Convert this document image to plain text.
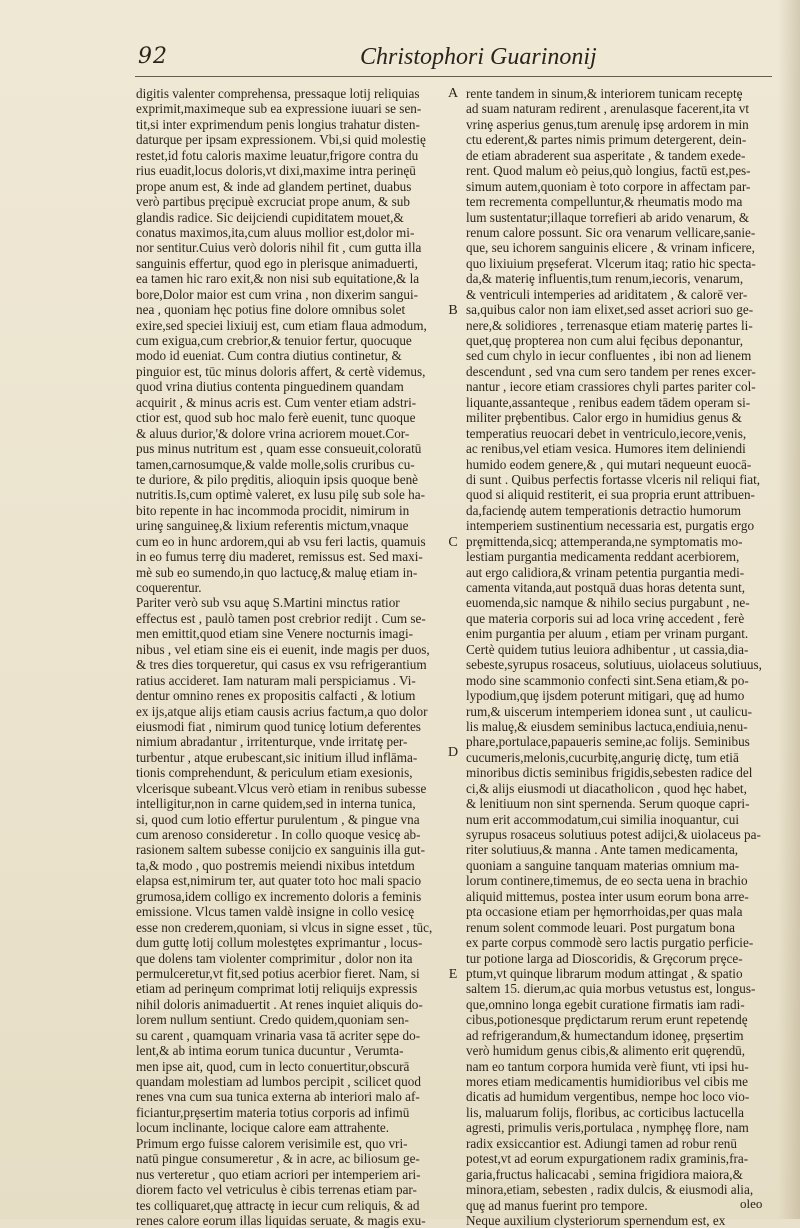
92	Christophori Guarinonij
digitis valenter comprehensa, pressaque lotij reliquias
exprimit,maximeque sub ea expressione iuuari se sen-
tit,si inter exprimendum penis longius trahatur disten-
daturque per ipsam expressionem. Vbi,si quid molestię
restet,id fotu caloris maxime leuatur,frigore contra du
rius euadit,locus doloris,vt dixi,maxime intra perinęū
prope anum est, & inde ad glandem pertinet, duabus
verò partibus pręcipuè excruciat prope anum, & sub
glandis radice. Sic deijciendi cupiditatem mouet,&
conatus maximos,ita,cum aluus mollior est,dolor mi-
nor sentitur.Cuius verò doloris nihil fit , cum gutta illa
sanguinis effertur, quod ego in plerisque animaduerti,
ea tamen hic raro exit,& non nisi sub equitatione,& la
bore,Dolor maior est cum vrina , non dixerim sangui-
nea , quoniam hęc potius fine dolore omnibus solet
exire,sed speciei lixiuij est, cum etiam flaua admodum,
cum exigua,cum crebrior,& tenuior fertur, quocuque
modo id eueniat. Cum contra diutius continetur, &
pinguior est, tūc minus doloris affert, & certè videmus,
quod vrina diutius contenta pinguedinem quandam
acquirit , & minus acris est. Cum venter etiam adstri-
ctior est, quod sub hoc malo ferè euenit, tunc quoque
& aluus durior,'& dolore vrina acriorem mouet.Cor-
pus minus nutritum est , quam esse consueuit,coloratū
tamen,carnosumque,& valde molle,solis cruribus cu-
te duriore, & pilo prȩditis, alioquin ipsis quoque benè
nutritis.Is,cum optimè valeret, ex lusu pilȩ sub sole ha-
bito repente in hac incommoda procidit, nimirum in
urinȩ sanguineȩ,& lixium referentis mictum,vnaque
cum eo in hunc ardorem,qui ab vsu feri lactis, quamuis
in eo fumus terrȩ diu maderet, remissus est. Sed maxi-
mè sub eo sumendo,in quo lactucȩ,& maluȩ etiam in-
coquerentur.
Pariter verò sub vsu aquȩ S.Martini minctus ratior
effectus est , paulò tamen post crebrior redijt . Cum se-
men emittit,quod etiam sine Venere nocturnis imagi-
nibus , vel etiam sine eis ei euenit, inde magis per duos,
& tres dies torqueretur, qui casus ex vsu refrigerantium
ratius accideret. Iam naturam mali perspiciamus . Vi-
dentur omnino renes ex propositis calfacti , & lotium
ex ijs,atque alijs etiam causis acrius factum,a quo dolor
eiusmodi fiat , nimirum quod tunicȩ lotium deferentes
nimium abradantur , irritenturque, vnde irritatȩ per-
turbentur , atque erubescant,sic initium illud inflāma-
tionis comprehendunt, & periculum etiam exesionis,
vlcerisque subeant.Vlcus verò etiam in renibus subesse
intelligitur,non in carne quidem,sed in interna tunica,
si, quod cum lotio effertur purulentum , & pingue vna
cum arenoso consideretur . In collo quoque vesicȩ ab-
rasionem saltem subesse conijcio ex sanguinis illa gut-
ta,& modo , quo postremis meiendi nixibus intetdum
elapsa est,nimirum ter, aut quater toto hoc mali spacio
grumosa,idem colligo ex incremento doloris a feminis
emissione. Vlcus tamen valdè insigne in collo vesicę
esse non crederem,quoniam, si vlcus in signe esset , tūc,
dum guttȩ lotij collum molestȩtes exprimantur , locus-
que dolens tam violenter comprimitur , dolor non ita
permulceretur,vt fit,sed potius acerbior fieret. Nam, si
etiam ad perinȩum comprimat lotij reliquijs expressis
nihil doloris animaduertit . At renes inquiet aliquis do-
lorem nullum sentiunt. Credo quidem,quoniam sen-
su carent , quamquam vrinaria vasa tā acriter sȩpe do-
lent,& ab intima eorum tunica ducuntur , Verumta-
men ipse ait, quod, cum in lecto conuertitur,obscurā
quandam molestiam ad lumbos percipit , scilicet quod
renes vna cum sua tunica externa ab interiori malo af-
ficiantur,prȩsertim materia totius corporis ad infimū
locum inclinante, locique calore eam attrahente.
Primum ergo fuisse calorem verisimile est, quo vri-
natū pingue consumeretur , & in acre, ac biliosum ge-
nus verteretur , quo etiam acriori per intemperiem ari-
diorem facto vel vetriculus è cibis terrenas etiam par-
tes colliquaret,quȩ attractȩ in iecur cum reliquis, & ad
renes calore eorum illas liquidas seruate, & magis exu-
rente tandem in sinum,& interiorem tunicam receptȩ
ad suam naturam redirent , arenulasque facerent,ita vt
vrinȩ asperius genus,tum arenulȩ ipsȩ ardorem in min
ctu ederent,& partes nimis primum detergerent, dein-
de etiam abraderent sua asperitate , & tandem exede-
rent. Quod malum eò peius,quò longius, factū est,pes-
simum autem,quoniam è toto corpore in affectam par-
tem recrementa compelluntur,& rheumatis modo ma
lum sustentatur;illaque torrefieri ab arido venarum, &
renum calore possunt. Sic ora venarum vellicare,sanie-
que, seu ichorem sanguinis elicere , & vrinam inficere,
quo lixiuium prȩseferat. Vlcerum itaq; ratio hic specta-
da,& materiȩ influentis,tum renum,iecoris, venarum,
& ventriculi intemperies ad ariditatem , & calorē ver-
sa,quibus calor non iam elixet,sed asset acriori suo ge-
nere,& solidiores , terrenasque etiam materiȩ partes li-
quet,quȩ propterea non cum alui fęcibus deponantur,
sed cum chylo in iecur confluentes , ibi non ad lienem
descendunt , sed vna cum sero tandem per renes excer-
nantur , iecore etiam crassiores chyli partes pariter col-
liquante,assanteque , renibus eadem tādem operam si-
militer prȩbentibus. Calor ergo in humidius genus &
temperatius reuocari debet in ventriculo,iecore,venis,
ac renibus,vel etiam vesica. Humores item deliniendi
humido eodem genere,& , qui mutari nequeunt euocā-
di sunt . Quibus perfectis fortasse vlceris nil reliqui fiat,
quod si aliquid restiterit, ei sua propria erunt attribuen-
da,faciendȩ autem temperationis detractio humorum
intemperiem sustinentium necessaria est, purgatis ergo
prȩmittenda,sicq; attemperanda,ne symptomatis mo-
lestiam purgantia medicamenta reddant acerbiorem,
aut ergo calidiora,& vrinam petentia purgantia medi-
camenta vitanda,aut postquā duas horas detenta sunt,
euomenda,sic namque & nihilo secius purgabunt , ne-
que materia corporis sui ad loca vrinȩ accedent , ferè
enim purgantia per aluum , etiam per vrinam purgant.
Certè quidem tutius leuiora adhibentur , ut cassia,dia-
sebeste,syrupus rosaceus, solutiuus, uiolaceus solutiuus,
modo sine scammonio confecti sint.Sena etiam,& po-
lypodium,quȩ ijsdem poterunt mitigari, quȩ ad humo
rum,& uiscerum intemperiem idonea sunt , ut caulicu-
lis maluȩ,& eiusdem seminibus lactuca,endiuia,nenu-
phare,portulace,papaueris semine,ac folijs. Seminibus
cucumeris,melonis,cucurbitȩ,anguriȩ dictȩ, tum etiā
minoribus dictis seminibus frigidis,sebesten radice del
ci,& alijs eiusmodi ut diacatholicon , quod hȩc habet,
& lenitiuum non sint spernenda. Serum quoque capri-
num erit accommodatum,cui similia inoquantur, cui
syrupus rosaceus solutiuus potest adijci,& uiolaceus pa-
riter solutiuus,& manna . Ante tamen medicamenta,
quoniam a sanguine tanquam materias omnium ma-
lorum continere,timemus, de eo secta uena in brachio
aliquid mittemus, postea inter usum eorum bona arre-
pta occasione etiam per hȩmorrhoidas,per quas mala
renum solent commode leuari. Post purgatum bona
ex parte corpus commodè sero lactis purgatio perficie-
tur potione larga ad Dioscoridis, & Grȩcorum prȩce-
ptum,vt quinque librarum modum attingat , & spatio
saltem 15. dierum,ac quia morbus vetustus est, longus-
que,omnino longa egebit curatione firmatis iam radi-
cibus,potionesque prȩdictarum rerum erunt repetendę
ad refrigerandum,& humectandum idoneȩ, prȩsertim
verò humidum genus cibis,& alimento erit quȩrendū,
nam eo tantum corpora humida verè fiunt, vti ipsi hu-
mores etiam medicamentis humidioribus vel cibis me
dicatis ad humidum vergentibus, nempe hoc loco vio-
lis, maluarum folijs, floribus, ac corticibus lactucella
agresti, primulis veris,portulaca , nymphȩȩ flore, nam
radix exsiccantior est. Adiungi tamen ad robur renū
potest,vt ad eorum expurgationem radix graminis,fra-
garia,fructus halicacabi , semina frigidiora maiora,&
minora,etiam, sebesten , radix dulcis, & eiusmodi alia,
quȩ ad manus fuerint pro tempore.
Neque auxilium clysteriorum spernendum est, ex
A
B
C
D
E
oleo
